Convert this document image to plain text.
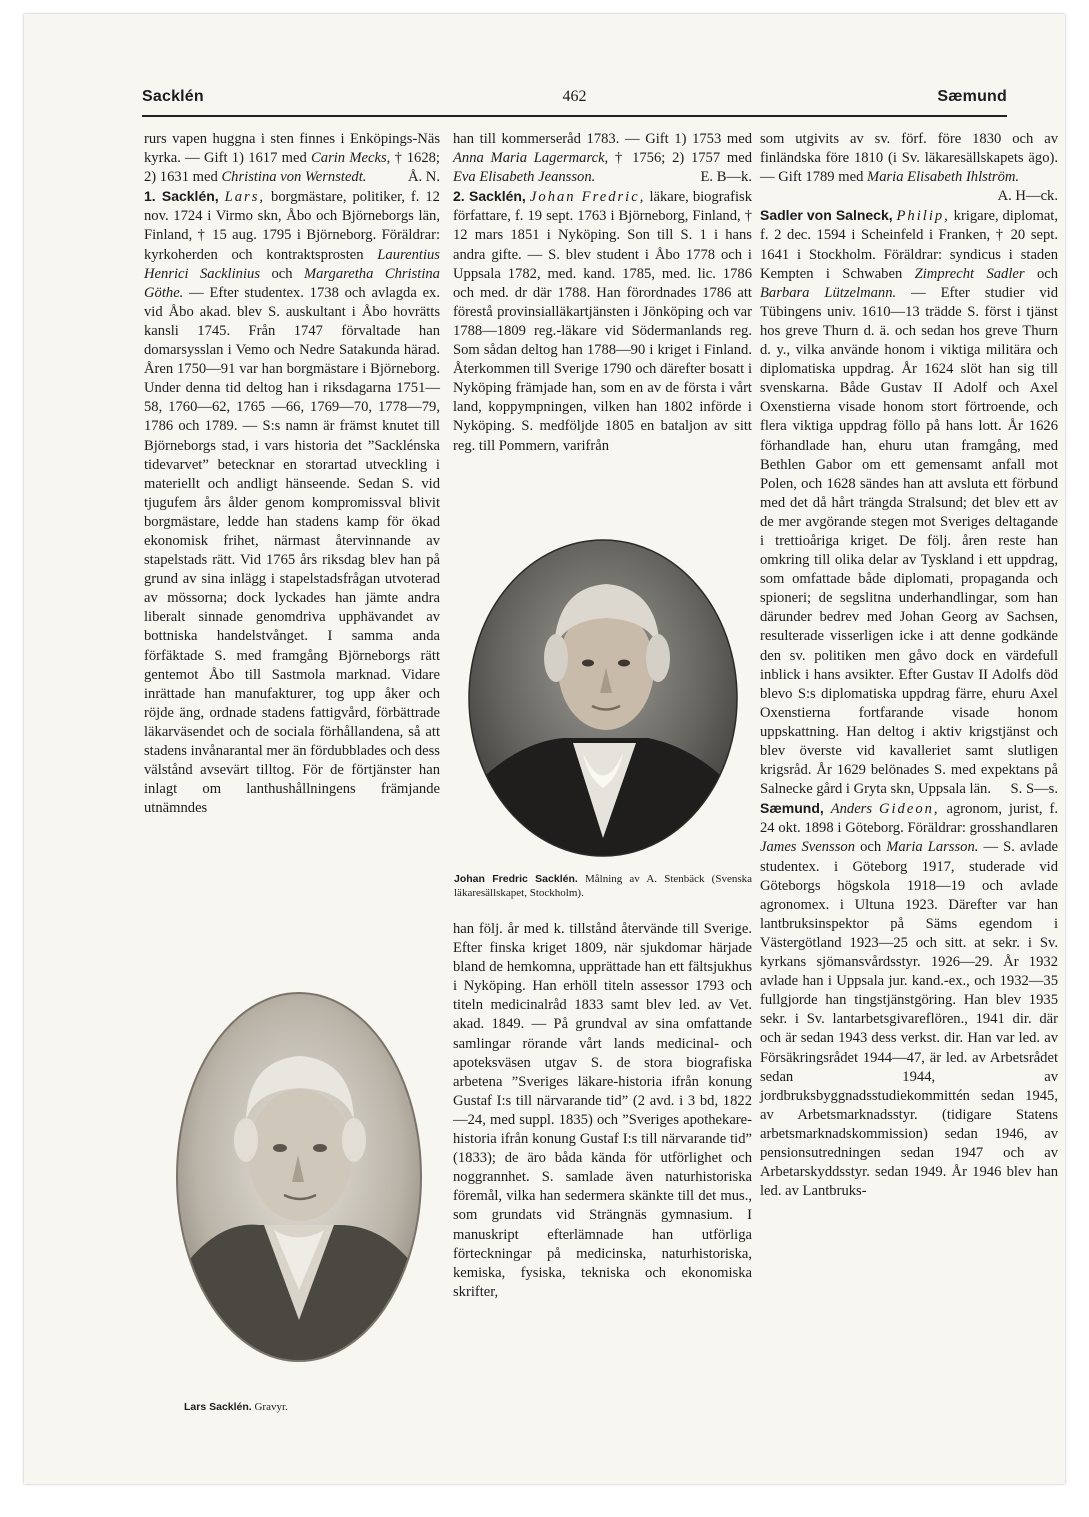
Sacklén	462	Sæmund

rurs vapen huggna i sten finnes i Enköpings-Näs kyrka. — Gift 1) 1617 med Carin Mecks, † 1628; 2) 1631 med Christina von Wernstedt.	Å. N.

1. Sacklén, Lars, borgmästare, politiker, f. 12 nov. 1724 i Virmo skn, Åbo och Björneborgs län, Finland, † 15 aug. 1795 i Björneborg. Föräldrar: kyrkoherden och kontraktsprosten Laurentius Henrici Sacklinius och Margaretha Christina Göthe. — Efter studentex. 1738 och avlagda ex. vid Åbo akad. blev S. auskultant i Åbo hovrätts kansli 1745. Från 1747 förvaltade han domarsysslan i Vemo och Nedre Satakunda härad. Åren 1750—91 var han borgmästare i Björneborg. Under denna tid deltog han i riksdagarna 1751—58, 1760—62, 1765 —66, 1769—70, 1778—79, 1786 och 1789. — S:s namn är främst knutet till Björneborgs stad, i vars historia det ”Sacklénska tidevarvet” betecknar en storartad utveckling i materiellt och andligt hänseende. Sedan S. vid tjugufem års ålder genom kompromissval blivit borgmästare, ledde han stadens kamp för ökad ekonomisk frihet, närmast återvinnande av stapelstads rätt. Vid 1765 års riksdag blev han på grund av sina inlägg i stapelstadsfrågan utvoterad av mössorna; dock lyckades han jämte andra liberalt sinnade genomdriva upphävandet av bottniska handelstvånget. I samma anda förfäktade S. med framgång Björneborgs rätt gentemot Åbo till Sastmola marknad. Vidare inrättade han manufakturer, tog upp åker och röjde äng, ordnade stadens fattigvård, förbättrade läkarväsendet och de sociala förhållandena, så att stadens invånarantal mer än fördubblades och dess välstånd avsevärt tilltog. För de förtjänster han inlagt om lanthushållningens främjande utnämndes

Lars Sacklén. Gravyr.

han till kommerseråd 1783. — Gift 1) 1753 med Anna Maria Lagermarck, † 1756; 2) 1757 med Eva Elisabeth Jeansson.	E. B—k.

2. Sacklén, Johan Fredric, läkare, biografisk författare, f. 19 sept. 1763 i Björneborg, Finland, † 12 mars 1851 i Nyköping. Son till S. 1 i hans andra gifte. — S. blev student i Åbo 1778 och i Uppsala 1782, med. kand. 1785, med. lic. 1786 och med. dr där 1788. Han förordnades 1786 att förestå provinsialläkartjänsten i Jönköping och var 1788—1809 reg.-läkare vid Södermanlands reg. Som sådan deltog han 1788—90 i kriget i Finland. Återkommen till Sverige 1790 och därefter bosatt i Nyköping främjade han, som en av de första i vårt land, koppympningen, vilken han 1802 införde i Nyköping. S. medföljde 1805 en bataljon av sitt reg. till Pommern, varifrån

Johan Fredric Sacklén. Målning av A. Stenbäck (Svenska läkaresällskapet, Stockholm).

han följ. år med k. tillstånd återvände till Sverige. Efter finska kriget 1809, när sjukdomar härjade bland de hemkomna, upprättade han ett fältsjukhus i Nyköping. Han erhöll titeln assessor 1793 och titeln medicinalråd 1833 samt blev led. av Vet. akad. 1849. — På grundval av sina omfattande samlingar rörande vårt lands medicinal- och apoteksväsen utgav S. de stora biografiska arbetena ”Sveriges läkare-historia ifrån konung Gustaf I:s till närvarande tid” (2 avd. i 3 bd, 1822—24, med suppl. 1835) och ”Sveriges apothekare-historia ifrån konung Gustaf I:s till närvarande tid” (1833); de äro båda kända för utförlighet och noggrannhet. S. samlade även naturhistoriska föremål, vilka han sedermera skänkte till det mus., som grundats vid Strängnäs gymnasium. I manuskript efterlämnade han utförliga förteckningar på medicinska, naturhistoriska, kemiska, fysiska, tekniska och ekonomiska skrifter,

som utgivits av sv. förf. före 1830 och av finländska före 1810 (i Sv. läkaresällskapets ägo). — Gift 1789 med Maria Elisabeth Ihlström.
A. H—ck.

Sadler von Salneck, Philip, krigare, diplomat, f. 2 dec. 1594 i Scheinfeld i Franken, † 20 sept. 1641 i Stockholm. Föräldrar: syndicus i staden Kempten i Schwaben Zimprecht Sadler och Barbara Lützelmann. — Efter studier vid Tübingens univ. 1610—13 trädde S. först i tjänst hos greve Thurn d. ä. och sedan hos greve Thurn d. y., vilka använde honom i viktiga militära och diplomatiska uppdrag. År 1624 slöt han sig till svenskarna. Både Gustav II Adolf och Axel Oxenstierna visade honom stort förtroende, och flera viktiga uppdrag föllo på hans lott. År 1626 förhandlade han, ehuru utan framgång, med Bethlen Gabor om ett gemensamt anfall mot Polen, och 1628 sändes han att avsluta ett förbund med det då hårt trängda Stralsund; det blev ett av de mer avgörande stegen mot Sveriges deltagande i trettioåriga kriget. De följ. åren reste han omkring till olika delar av Tyskland i ett uppdrag, som omfattade både diplomati, propaganda och spioneri; de segslitna underhandlingar, som han därunder bedrev med Johan Georg av Sachsen, resulterade visserligen icke i att denne godkände den sv. politiken men gåvo dock en värdefull inblick i hans avsikter. Efter Gustav II Adolfs död blevo S:s diplomatiska uppdrag färre, ehuru Axel Oxenstierna fortfarande visade honom uppskattning. Han deltog i aktiv krigstjänst och blev överste vid kavalleriet samt slutligen krigsråd. År 1629 belönades S. med expektans på Salnecke gård i Gryta skn, Uppsala län. S. S—s.

Sæmund, Anders Gideon, agronom, jurist, f. 24 okt. 1898 i Göteborg. Föräldrar: grosshandlaren James Svensson och Maria Larsson. — S. avlade studentex. i Göteborg 1917, studerade vid Göteborgs högskola 1918—19 och avlade agronomex. i Ultuna 1923. Därefter var han lantbruksinspektor på Säms egendom i Västergötland 1923—25 och sitt. at sekr. i Sv. kyrkans sjömansvårdsstyr. 1926—29. År 1932 avlade han i Uppsala jur. kand.-ex., och 1932—35 fullgjorde han tingstjänstgöring. Han blev 1935 sekr. i Sv. lantarbetsgivareflören., 1941 dir. där och är sedan 1943 dess verkst. dir. Han var led. av Försäkringsrådet 1944—47, är led. av Arbetsrådet sedan 1944, av jordbruksbyggnadsstudiekommittén sedan 1945, av Arbetsmarknadsstyr. (tidigare Statens arbetsmarknadskommission) sedan 1946, av pensionsutredningen sedan 1947 och av Arbetarskyddsstyr. sedan 1949. År 1946 blev han led. av Lantbruks-
